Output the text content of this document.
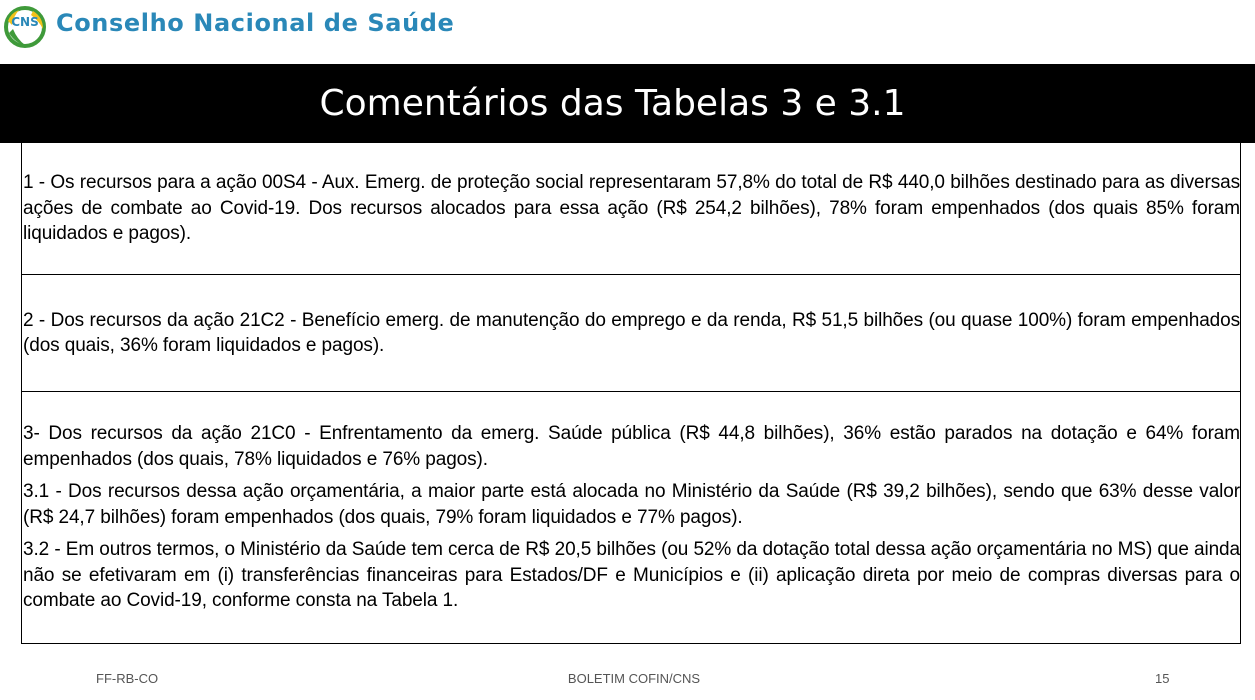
CNS Conselho Nacional de Saúde
Comentários das Tabelas 3 e 3.1

1 - Os recursos para a ação 00S4 - Aux. Emerg. de proteção social representaram 57,8% do total de R$ 440,0 bilhões destinado para as diversas ações de combate ao Covid-19. Dos recursos alocados para essa ação (R$ 254,2 bilhões), 78% foram empenhados (dos quais 85% foram liquidados e pagos).

2 - Dos recursos da ação 21C2 - Benefício emerg. de manutenção do emprego e da renda, R$ 51,5 bilhões (ou quase 100%) foram empenhados (dos quais, 36% foram liquidados e pagos).

3- Dos recursos da ação 21C0 - Enfrentamento da emerg. Saúde pública (R$ 44,8 bilhões), 36% estão parados na dotação e 64% foram empenhados (dos quais, 78% liquidados e 76% pagos).

3.1 - Dos recursos dessa ação orçamentária, a maior parte está alocada no Ministério da Saúde (R$ 39,2 bilhões), sendo que 63% desse valor (R$ 24,7 bilhões) foram empenhados (dos quais, 79% foram liquidados e 77% pagos).

3.2 - Em outros termos, o Ministério da Saúde tem cerca de R$ 20,5 bilhões (ou 52% da dotação total dessa ação orçamentária no MS) que ainda não se efetivaram em (i) transferências financeiras para Estados/DF e Municípios e (ii) aplicação direta por meio de compras diversas para o combate ao Covid-19, conforme consta na Tabela 1.

FF-RB-CO	BOLETIM COFIN/CNS	15
